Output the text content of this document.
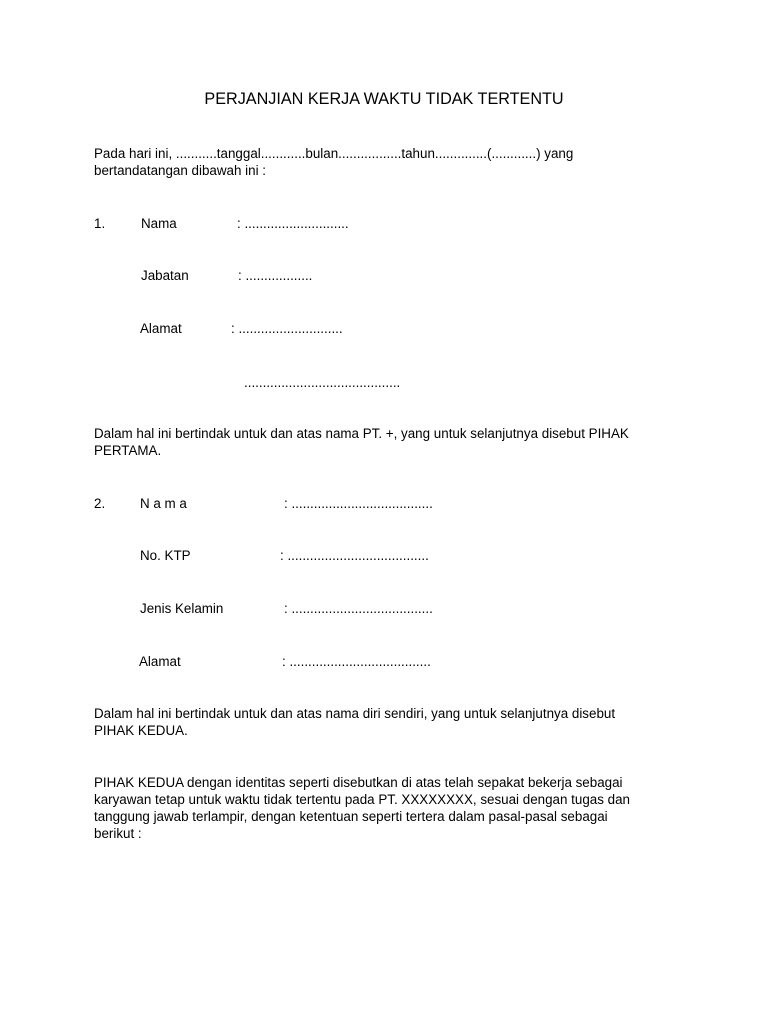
PERJANJIAN KERJA WAKTU TIDAK TERTENTU
Pada hari ini, ...........tanggal............bulan.................tahun..............(............) yang
bertandatangan dibawah ini :
1.	Nama	: ............................
Jabatan	: ..................
Alamat	: ............................
..........................................
Dalam hal ini bertindak untuk dan atas nama PT. +, yang untuk selanjutnya disebut PIHAK
PERTAMA.
2.	N a m a	: ......................................
No. KTP	: ......................................
Jenis Kelamin	: ......................................
Alamat	: ......................................
Dalam hal ini bertindak untuk dan atas nama diri sendiri, yang untuk selanjutnya disebut
PIHAK KEDUA.
PIHAK KEDUA dengan identitas seperti disebutkan di atas telah sepakat bekerja sebagai
karyawan tetap untuk waktu tidak tertentu pada PT. XXXXXXXX, sesuai dengan tugas dan
tanggung jawab terlampir, dengan ketentuan seperti tertera dalam pasal-pasal sebagai
berikut :
